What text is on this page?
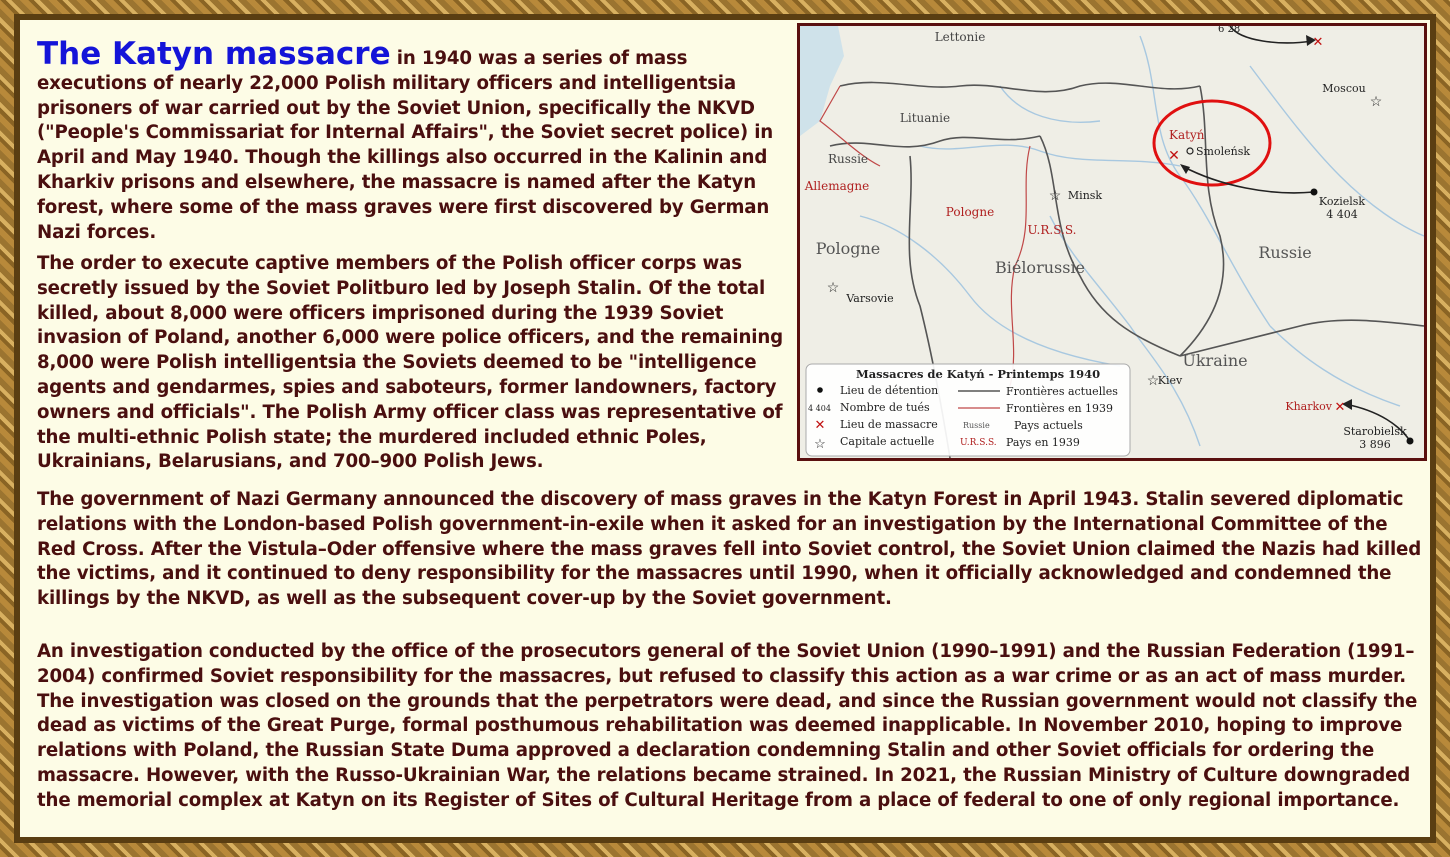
The Katyn massacre in 1940 was a series of mass executions of nearly 22,000 Polish military officers and intelligentsia prisoners of war carried out by the Soviet Union, specifically the NKVD ("People's Commissariat for Internal Affairs", the Soviet secret police) in April and May 1940. Though the killings also occurred in the Kalinin and Kharkiv prisons and elsewhere, the massacre is named after the Katyn forest, where some of the mass graves were first discovered by German Nazi forces.

The order to execute captive members of the Polish officer corps was secretly issued by the Soviet Politburo led by Joseph Stalin. Of the total killed, about 8,000 were officers imprisoned during the 1939 Soviet invasion of Poland, another 6,000 were police officers, and the remaining 8,000 were Polish intelligentsia the Soviets deemed to be "intelligence agents and gendarmes, spies and saboteurs, former landowners, factory owners and officials". The Polish Army officer class was representative of the multi-ethnic Polish state; the murdered included ethnic Poles, Ukrainians, Belarusians, and 700–900 Polish Jews.

The government of Nazi Germany announced the discovery of mass graves in the Katyn Forest in April 1943. Stalin severed diplomatic relations with the London-based Polish government-in-exile when it asked for an investigation by the International Committee of the Red Cross. After the Vistula–Oder offensive where the mass graves fell into Soviet control, the Soviet Union claimed the Nazis had killed the victims, and it continued to deny responsibility for the massacres until 1990, when it officially acknowledged and condemned the killings by the NKVD, as well as the subsequent cover-up by the Soviet government.

An investigation conducted by the office of the prosecutors general of the Soviet Union (1990–1991) and the Russian Federation (1991–2004) confirmed Soviet responsibility for the massacres, but refused to classify this action as a war crime or as an act of mass murder. The investigation was closed on the grounds that the perpetrators were dead, and since the Russian government would not classify the dead as victims of the Great Purge, formal posthumous rehabilitation was deemed inapplicable. In November 2010, hoping to improve relations with Poland, the Russian State Duma approved a declaration condemning Stalin and other Soviet officials for ordering the massacre. However, with the Russo-Ukrainian War, the relations became strained. In 2021, the Russian Ministry of Culture downgraded the memorial complex at Katyn on its Register of Sites of Cultural Heritage from a place of federal to one of only regional importance.

Lettonie
Lituanie
Russie
Allemagne
Pologne
U.R.S.S.
Pologne
Biélorussie
Russie
Ukraine
☆
Moscou
☆ Minsk
☆
Varsovie
☆
Kiev
Katyń
✕ Smoleńsk
Kozielsk
4 404
Kharkov ✕
Starobielsk
3 896
6 28
✕
Massacres de Katyń - Printemps 1940
Lieu de détention
4 404 Nombre de tués
✕ Lieu de massacre
☆ Capitale actuelle
Frontières actuelles
Frontières en 1939
Russie Pays actuels
U.R.S.S. Pays en 1939
